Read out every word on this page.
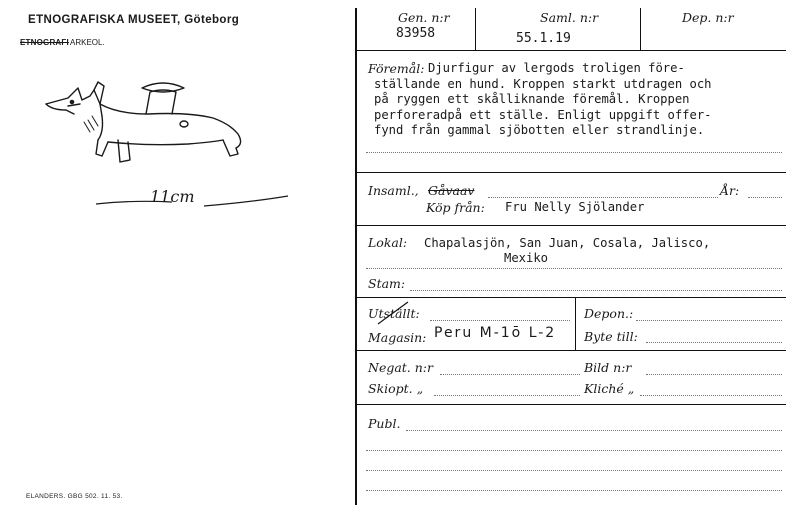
ETNOGRAFISKA MUSEET, Göteborg
ETNOGRAFI ARKEOL.
11cm
ELANDERS. GBG 502. 11. 53.
Gen. n:r
83958
Saml. n:r
55.1.19
Dep. n:r
Föremål: Djurfigur av lergods troligen före-
ställande en hund. Kroppen starkt utdragen och
på ryggen ett skålliknande föremål. Kroppen
perforeradpå ett ställe. Enligt uppgift offer-
fynd från gammal sjöbotten eller strandlinje.
Insaml., Gåvaav	År:
Köp från: Fru Nelly Sjölander
Lokal: Chapalasjön, San Juan, Cosala, Jalisco,
Mexiko
Stam:
Utställt:	Depon.:
Magasin: Peru M-1ō L-2 Byte till:
Negat. n:r	Bild n:r
Skiopt. „	Kliché „
Publ.
